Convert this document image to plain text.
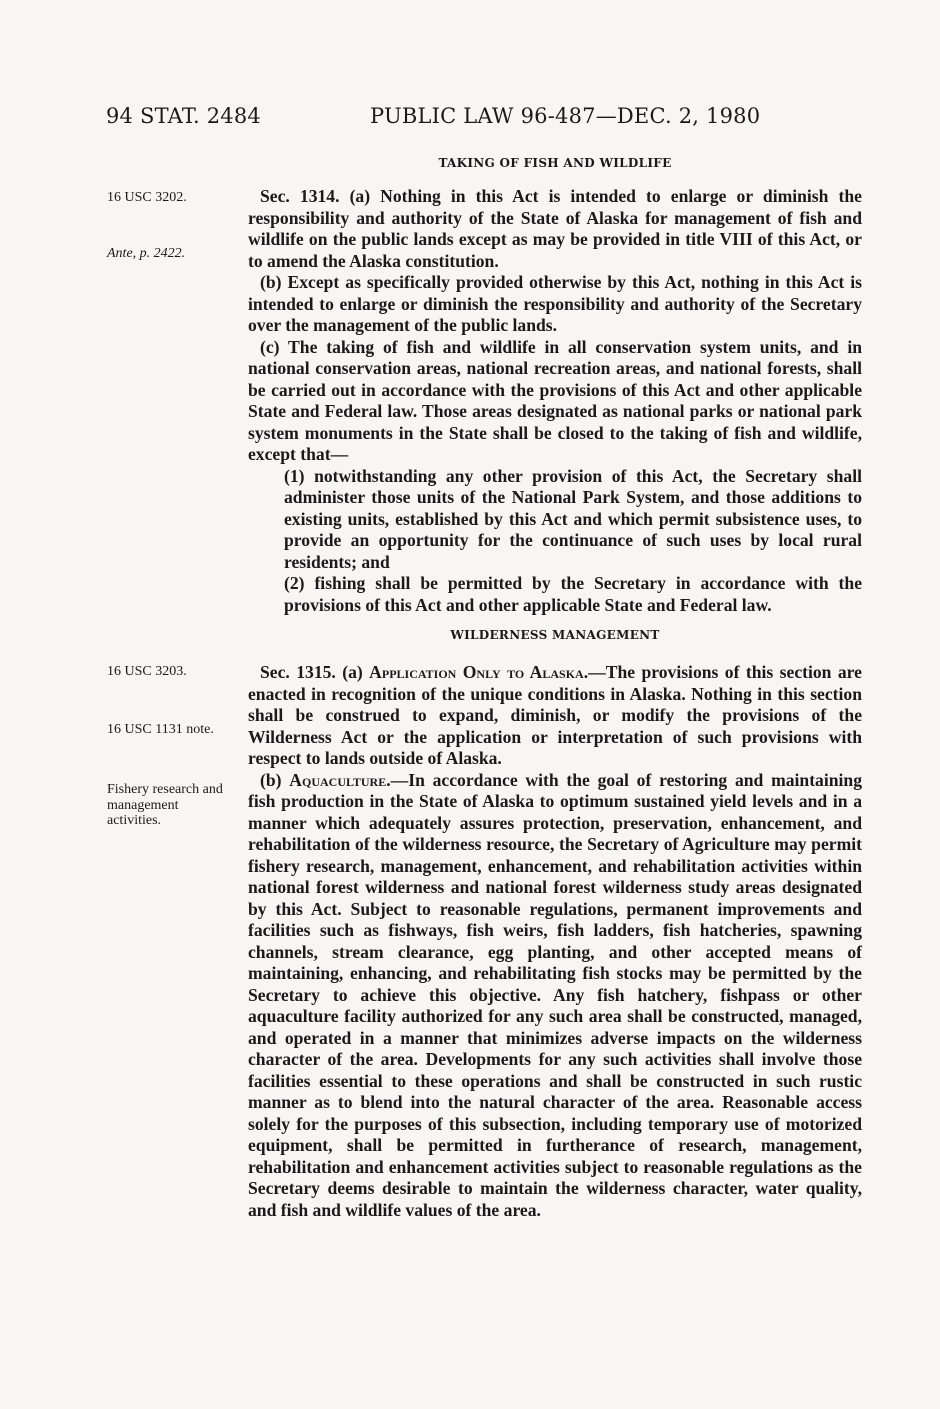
94 STAT. 2484	PUBLIC LAW 96-487—DEC. 2, 1980
TAKING OF FISH AND WILDLIFE
16 USC 3202.
Ante, p. 2422.

Sec. 1314. (a) Nothing in this Act is intended to enlarge or diminish the responsibility and authority of the State of Alaska for management of fish and wildlife on the public lands except as may be provided in title VIII of this Act, or to amend the Alaska constitution.

(b) Except as specifically provided otherwise by this Act, nothing in this Act is intended to enlarge or diminish the responsibility and authority of the Secretary over the management of the public lands.

(c) The taking of fish and wildlife in all conservation system units, and in national conservation areas, national recreation areas, and national forests, shall be carried out in accordance with the provisions of this Act and other applicable State and Federal law. Those areas designated as national parks or national park system monuments in the State shall be closed to the taking of fish and wildlife, except that—

(1) notwithstanding any other provision of this Act, the Secretary shall administer those units of the National Park System, and those additions to existing units, established by this Act and which permit subsistence uses, to provide an opportunity for the continuance of such uses by local rural residents; and

(2) fishing shall be permitted by the Secretary in accordance with the provisions of this Act and other applicable State and Federal law.

WILDERNESS MANAGEMENT
16 USC 3203.
16 USC 1131 note.
Fishery research and management activities.

Sec. 1315. (a) Application Only to Alaska.—The provisions of this section are enacted in recognition of the unique conditions in Alaska. Nothing in this section shall be construed to expand, diminish, or modify the provisions of the Wilderness Act or the application or interpretation of such provisions with respect to lands outside of Alaska.

(b) Aquaculture.—In accordance with the goal of restoring and maintaining fish production in the State of Alaska to optimum sustained yield levels and in a manner which adequately assures protection, preservation, enhancement, and rehabilitation of the wilderness resource, the Secretary of Agriculture may permit fishery research, management, enhancement, and rehabilitation activities within national forest wilderness and national forest wilderness study areas designated by this Act. Subject to reasonable regulations, permanent improvements and facilities such as fishways, fish weirs, fish ladders, fish hatcheries, spawning channels, stream clearance, egg planting, and other accepted means of maintaining, enhancing, and rehabilitating fish stocks may be permitted by the Secretary to achieve this objective. Any fish hatchery, fishpass or other aquaculture facility authorized for any such area shall be constructed, managed, and operated in a manner that minimizes adverse impacts on the wilderness character of the area. Developments for any such activities shall involve those facilities essential to these operations and shall be constructed in such rustic manner as to blend into the natural character of the area. Reasonable access solely for the purposes of this subsection, including temporary use of motorized equipment, shall be permitted in furtherance of research, management, rehabilitation and enhancement activities subject to reasonable regulations as the Secretary deems desirable to maintain the wilderness character, water quality, and fish and wildlife values of the area.
